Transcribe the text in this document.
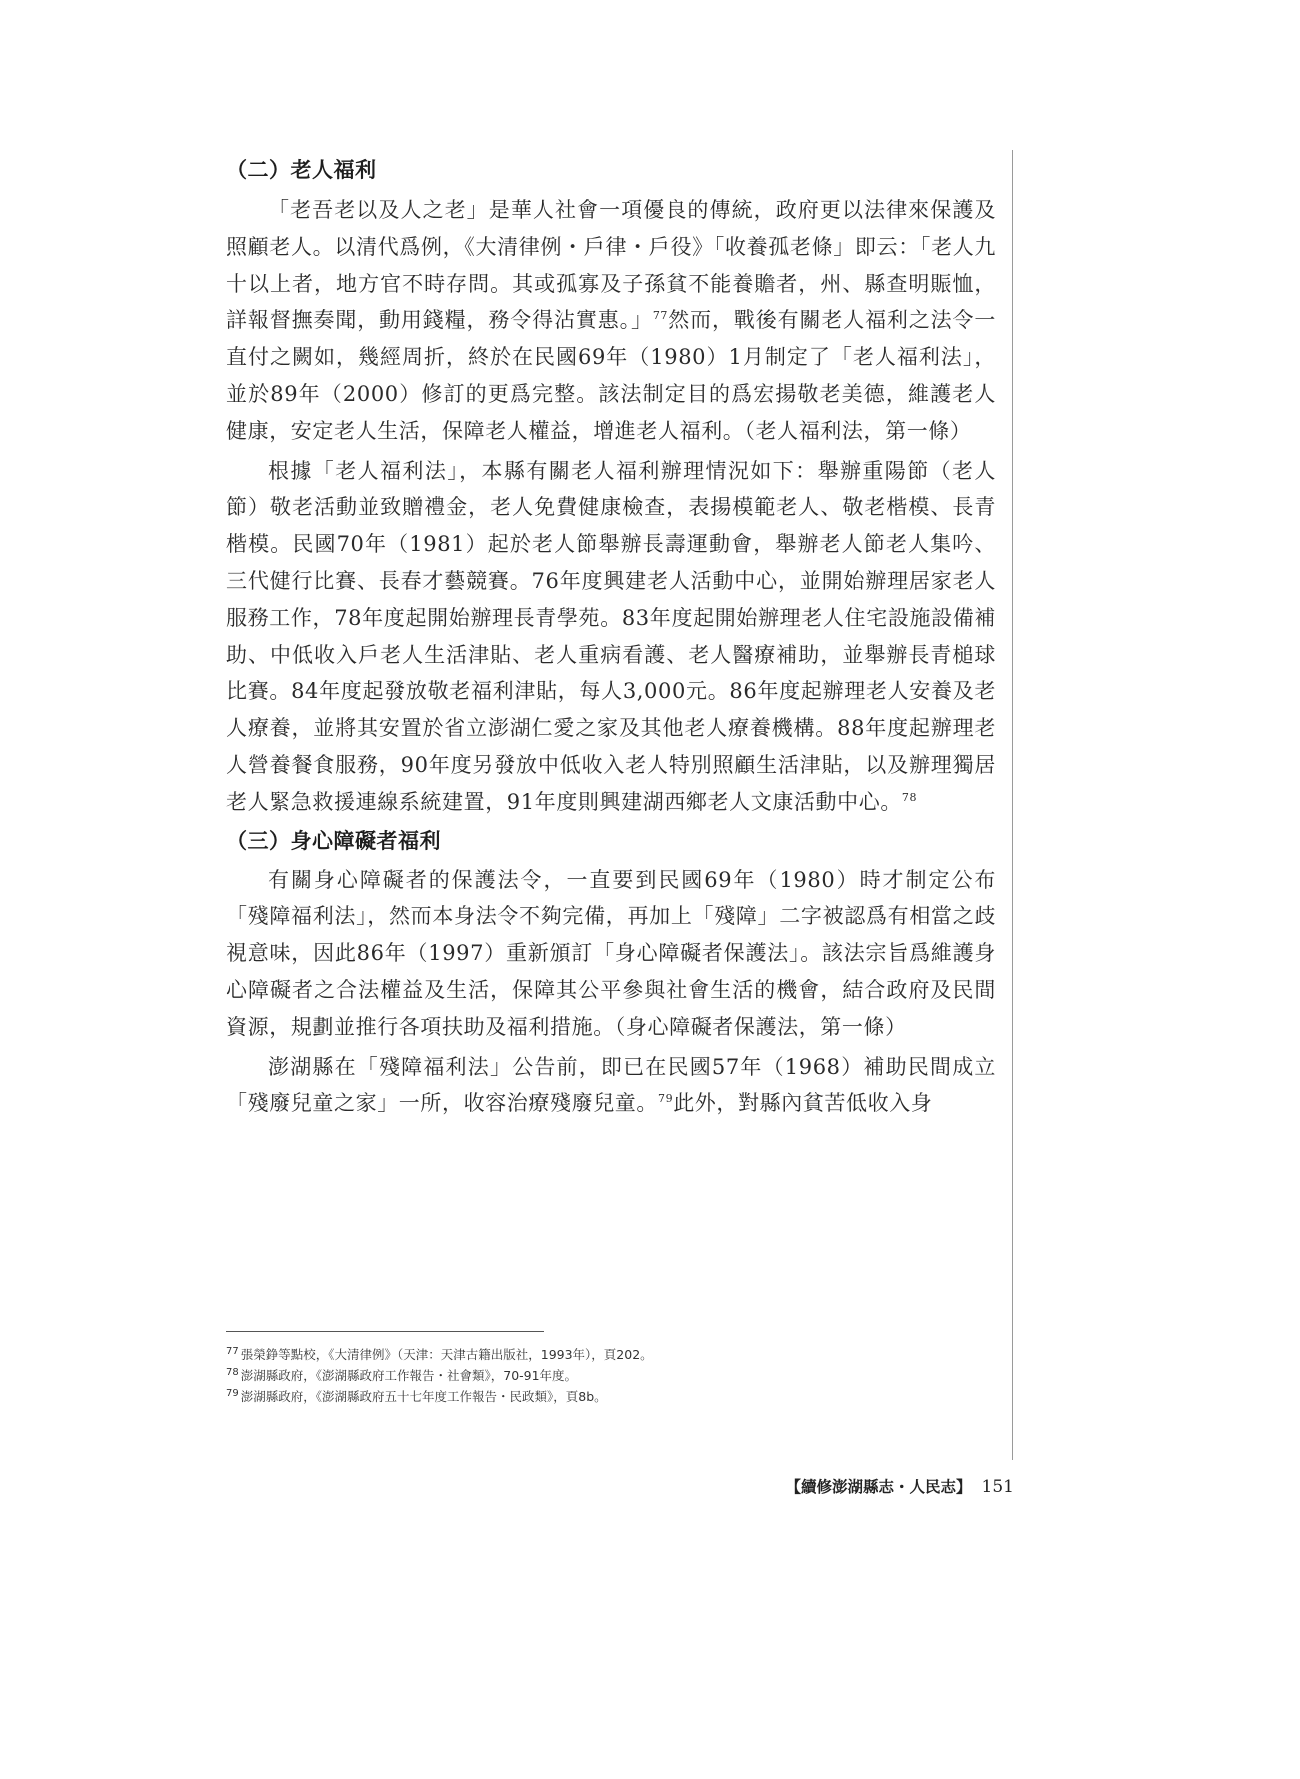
（二）老人福利

「老吾老以及人之老」是華人社會一項優良的傳統，政府更以法律來保護及照顧老人。以清代爲例，《大清律例・戶律・戶役》「收養孤老條」即云：「老人九十以上者，地方官不時存問。其或孤寡及子孫貧不能養贍者，州、縣查明賑恤，詳報督撫奏聞，動用錢糧，務令得沾實惠。」$^{77}$然而，戰後有關老人福利之法令一直付之闕如，幾經周折，終於在民國69年（1980）1月制定了「老人福利法」，並於89年（2000）修訂的更爲完整。該法制定目的爲宏揚敬老美德，維護老人健康，安定老人生活，保障老人權益，增進老人福利。（老人福利法，第一條）

根據「老人福利法」，本縣有關老人福利辦理情況如下：舉辦重陽節（老人節）敬老活動並致贈禮金，老人免費健康檢查，表揚模範老人、敬老楷模、長青楷模。民國70年（1981）起於老人節舉辦長壽運動會，舉辦老人節老人集吟、三代健行比賽、長春才藝競賽。76年度興建老人活動中心，並開始辦理居家老人服務工作，78年度起開始辦理長青學苑。83年度起開始辦理老人住宅設施設備補助、中低收入戶老人生活津貼、老人重病看護、老人醫療補助，並舉辦長青槌球比賽。84年度起發放敬老福利津貼，每人3,000元。86年度起辦理老人安養及老人療養，並將其安置於省立澎湖仁愛之家及其他老人療養機構。88年度起辦理老人營養餐食服務，90年度另發放中低收入老人特別照顧生活津貼，以及辦理獨居老人緊急救援連線系統建置，91年度則興建湖西鄉老人文康活動中心。$^{78}$

（三）身心障礙者福利

有關身心障礙者的保護法令，一直要到民國69年（1980）時才制定公布「殘障福利法」，然而本身法令不夠完備，再加上「殘障」二字被認爲有相當之歧視意味，因此86年（1997）重新頒訂「身心障礙者保護法」。該法宗旨爲維護身心障礙者之合法權益及生活，保障其公平參與社會生活的機會，結合政府及民間資源，規劃並推行各項扶助及福利措施。（身心障礙者保護法，第一條）

澎湖縣在「殘障福利法」公告前，即已在民國57年（1968）補助民間成立「殘廢兒童之家」一所，收容治療殘廢兒童。$^{79}$此外，對縣內貧苦低收入身

$^{77}$ 張榮錚等點校，《大清律例》（天津：天津古籍出版社，1993年），頁202。

$^{78}$ 澎湖縣政府，《澎湖縣政府工作報告・社會類》，70-91年度。

$^{79}$ 澎湖縣政府，《澎湖縣政府五十七年度工作報告・民政類》，頁8b。

【續修澎湖縣志・人民志】 151
